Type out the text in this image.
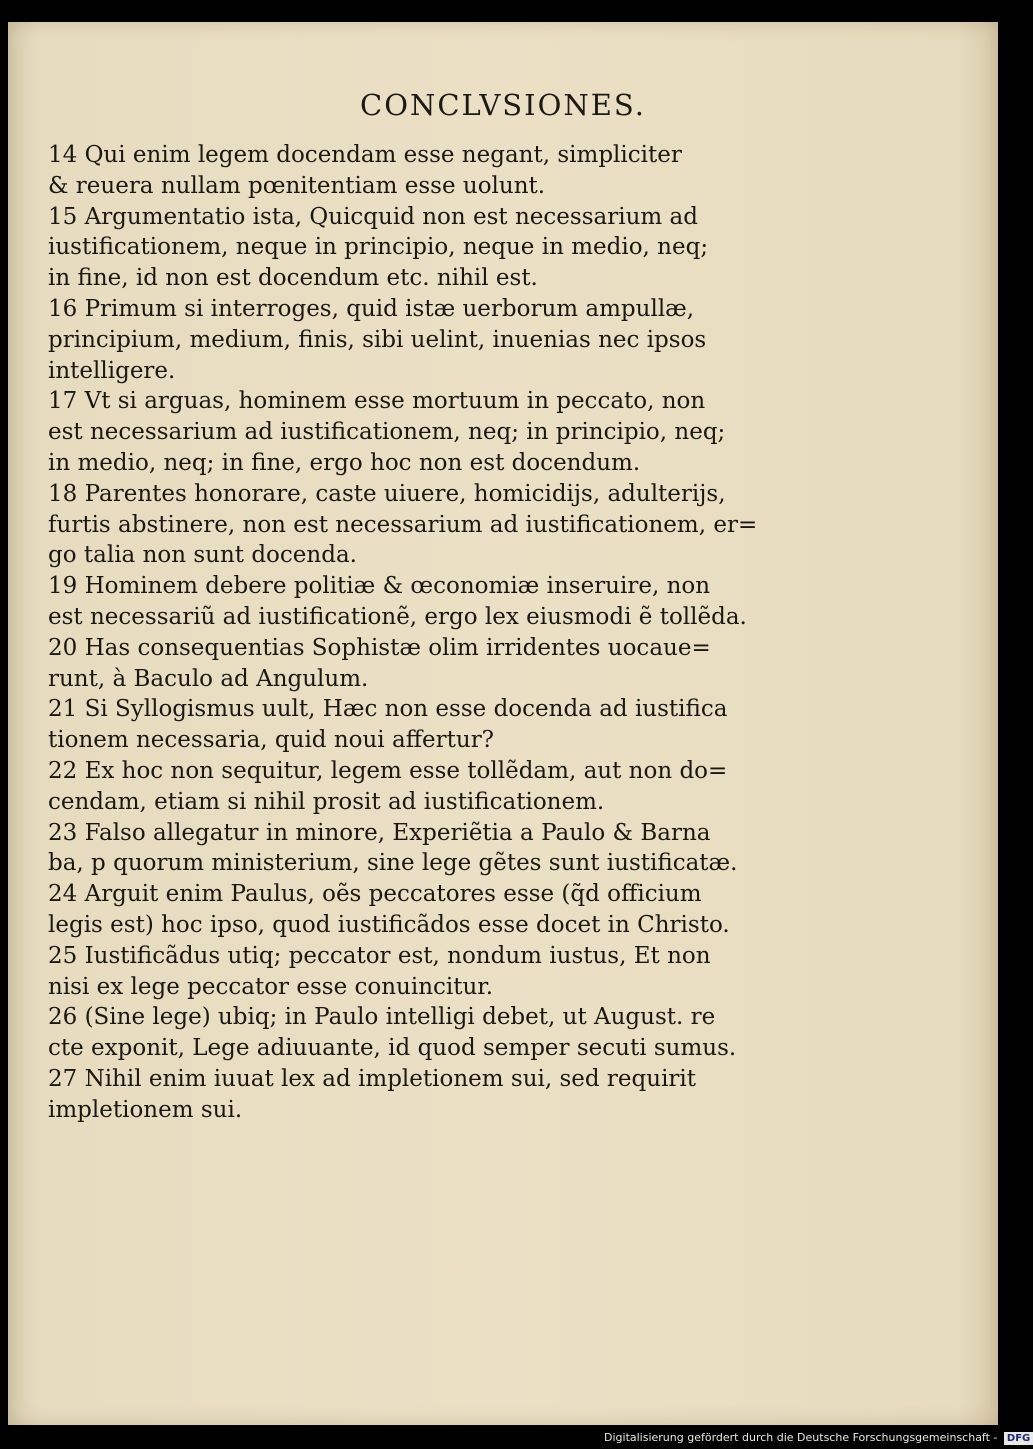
CONCLVSIONES.
14 Qui enim legem docendam esse negant, simpliciter
& reuera nullam pœnitentiam esse uolunt.
15 Argumentatio ista, Quicquid non est necessarium ad
iustificationem, neque in principio, neque in medio, neq;
in fine, id non est docendum etc. nihil est.
16 Primum si interroges, quid istæ uerborum ampullæ,
principium, medium, finis, sibi uelint, inuenias nec ipsos
intelligere.
17 Vt si arguas, hominem esse mortuum in peccato, non
est necessarium ad iustificationem, neq; in principio, neq;
in medio, neq; in fine, ergo hoc non est docendum.
18 Parentes honorare, caste uiuere, homicidijs, adulterijs,
furtis abstinere, non est necessarium ad iustificationem, er=
go talia non sunt docenda.
19 Hominem debere politiæ & œconomiæ inseruire, non
est necessariũ ad iustificationẽ, ergo lex eiusmodi ẽ tollẽda.
20 Has consequentias Sophistæ olim irridentes uocaue=
runt, à Baculo ad Angulum.
21 Si Syllogismus uult, Hæc non esse docenda ad iustifica
tionem necessaria, quid noui affertur?
22 Ex hoc non sequitur, legem esse tollẽdam, aut non do=
cendam, etiam si nihil prosit ad iustificationem.
23 Falso allegatur in minore, Experiẽtia a Paulo & Barna
ba, p quorum ministerium, sine lege gẽtes sunt iustificatæ.
24 Arguit enim Paulus, oẽs peccatores esse (q̃d officium
legis est) hoc ipso, quod iustificãdos esse docet in Christo.
25 Iustificãdus utiq; peccator est, nondum iustus, Et non
nisi ex lege peccator esse conuincitur.
26 (Sine lege) ubiq; in Paulo intelligi debet, ut August. re
cte exponit, Lege adiuuante, id quod semper secuti sumus.
27 Nihil enim iuuat lex ad impletionem sui, sed requirit
impletionem sui.
Digitalisierung gefördert durch die Deutsche Forschungsgemeinschaft - DFG
